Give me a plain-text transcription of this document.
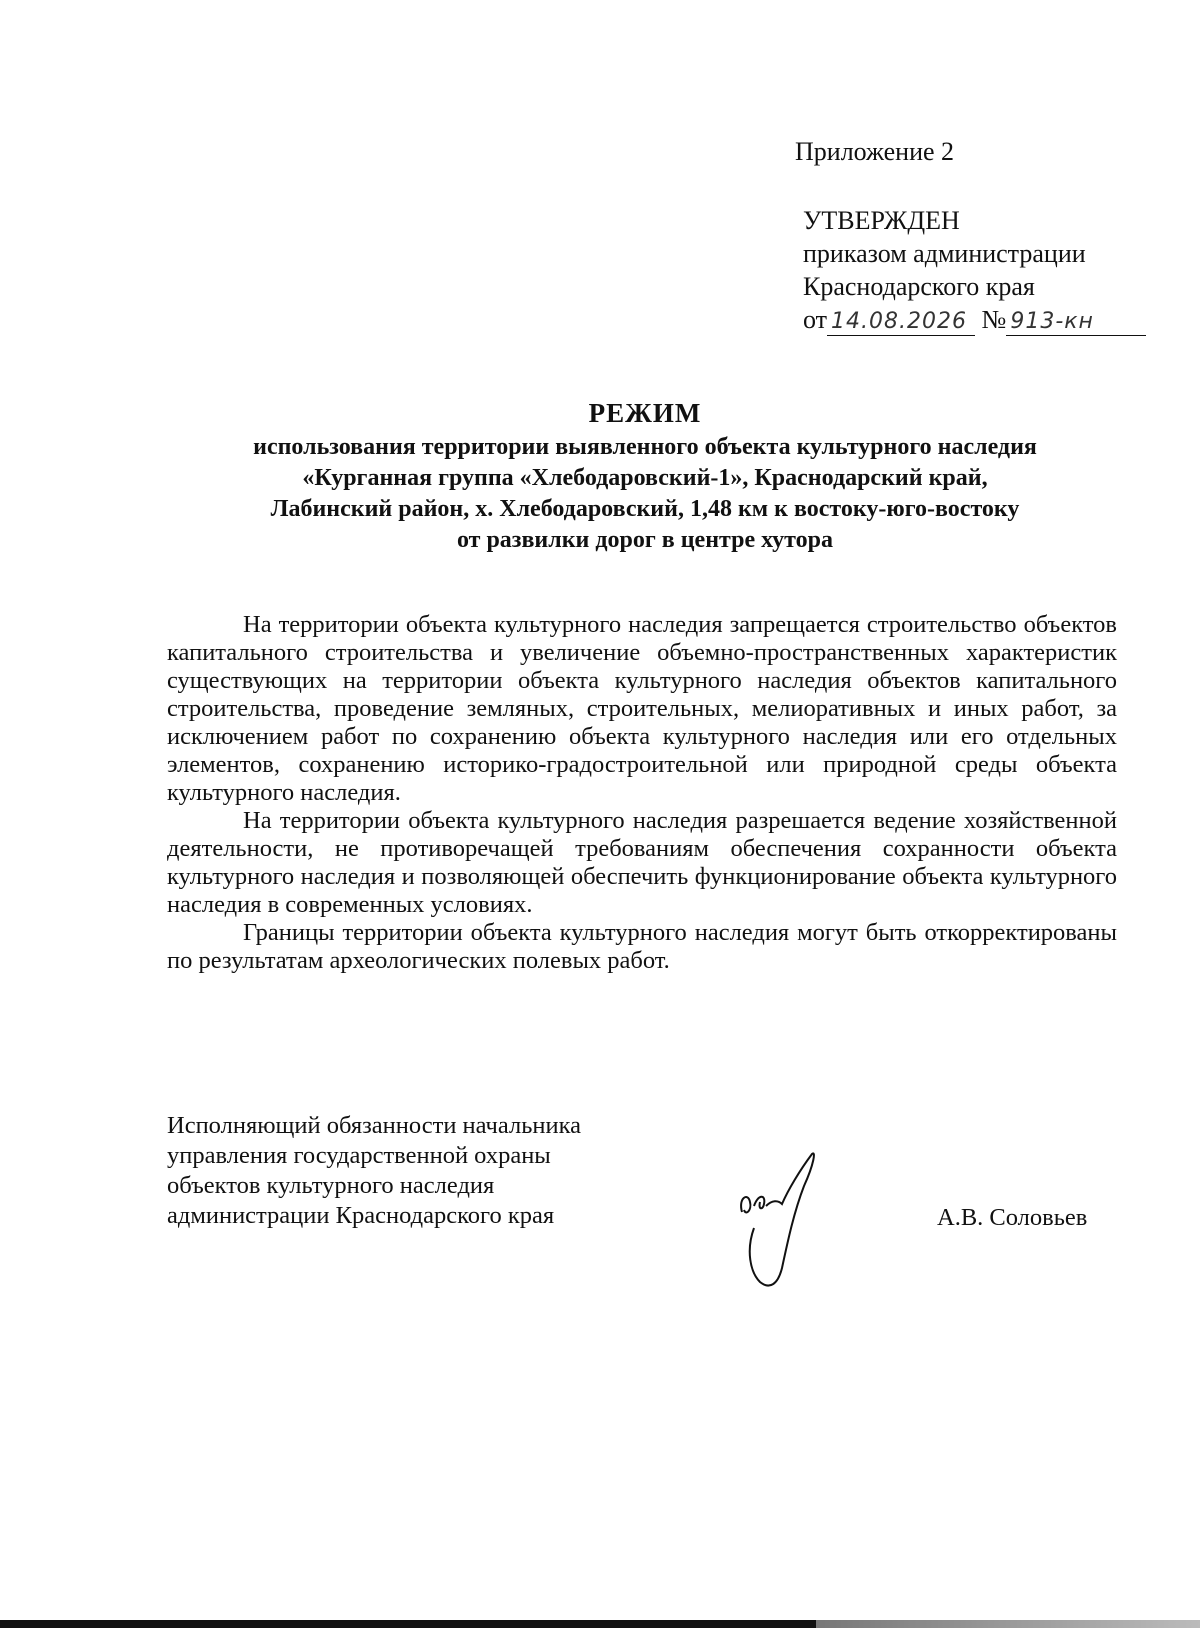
Приложение 2
УТВЕРЖДЕН
приказом администрации
Краснодарского края
от 14.08.2026 № 913-кн
РЕЖИМ
использования территории выявленного объекта культурного наследия
«Курганная группа «Хлебодаровский-1», Краснодарский край,
Лабинский район, х. Хлебодаровский, 1,48 км к востоку-юго-востоку
от развилки дорог в центре хутора

На территории объекта культурного наследия запрещается строительство объектов капитального строительства и увеличение объемно-пространственных характеристик существующих на территории объекта культурного наследия объектов капитального строительства, проведение земляных, строительных, мелиоративных и иных работ, за исключением работ по сохранению объекта культурного наследия или его отдельных элементов, сохранению историко-градостроительной или природной среды объекта культурного наследия.

На территории объекта культурного наследия разрешается ведение хозяйственной деятельности, не противоречащей требованиям обеспечения сохранности объекта культурного наследия и позволяющей обеспечить функционирование объекта культурного наследия в современных условиях.

Границы территории объекта культурного наследия могут быть откорректированы по результатам археологических полевых работ.

Исполняющий обязанности начальника
управления государственной охраны
объектов культурного наследия
администрации Краснодарского края	А.В. Соловьев
